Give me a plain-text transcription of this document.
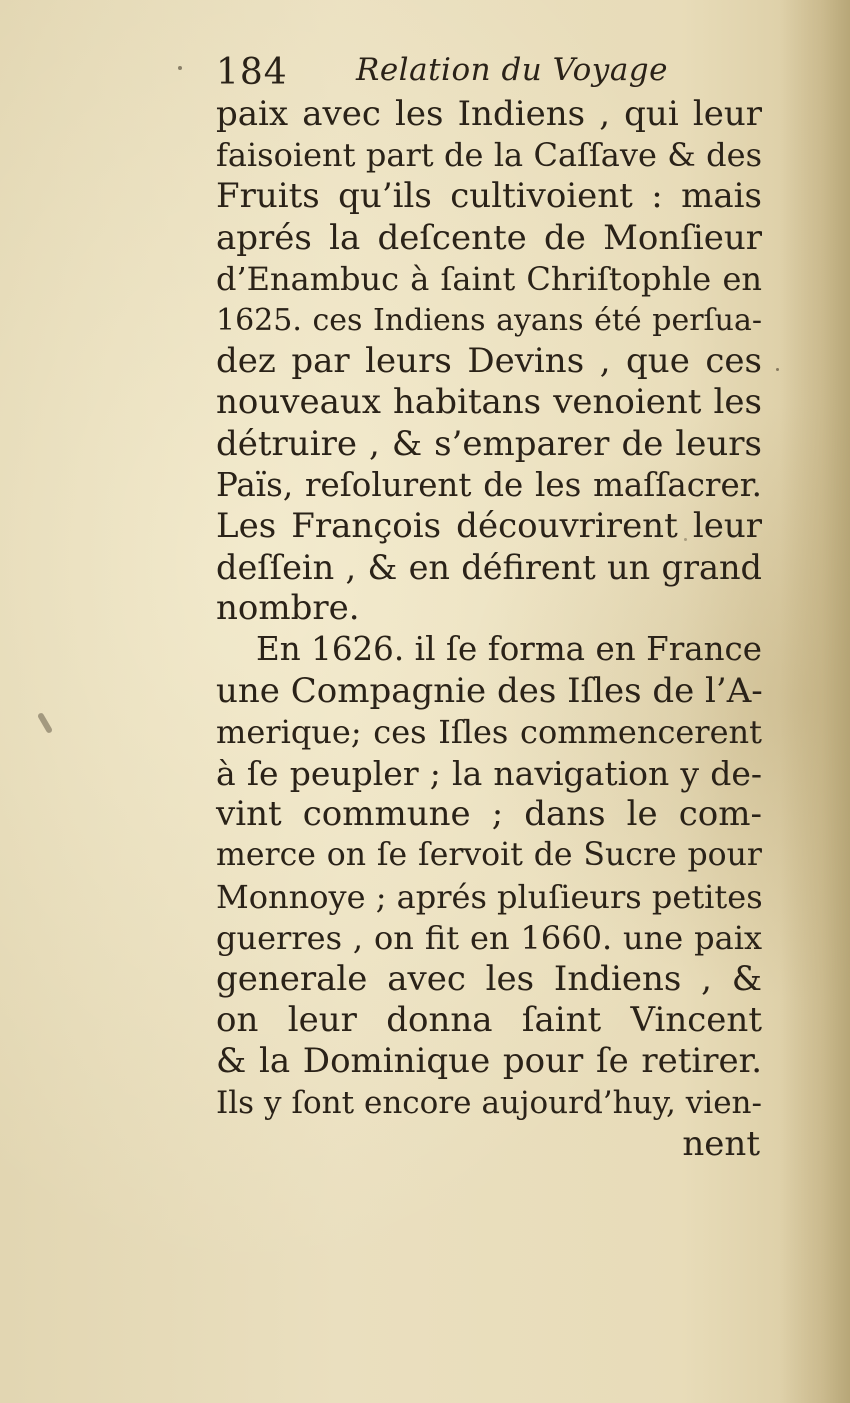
184 Relation du Voyage
paix avec les Indiens , qui leur
faisoient part de la Caſſave & des
Fruits qu’ils cultivoient : mais
aprés la deſcente de Monſieur
d’Enambuc à ſaint Chriſtophle en
1625. ces Indiens ayans été perſua-
dez par leurs Devins , que ces
nouveaux habitans venoient les
détruire , & s’emparer de leurs
Païs, reſolurent de les maſſacrer.
Les François découvrirent leur
deſſein , & en défirent un grand
nombre.
En 1626. il ſe forma en France
une Compagnie des Iſles de l’A-
merique; ces Iſles commencerent
à ſe peupler ; la navigation y de-
vint commune ; dans le com-
merce on ſe ſervoit de Sucre pour
Monnoye ; aprés pluſieurs petites
guerres , on fit en 1660. une paix
generale avec les Indiens , &
on leur donna ſaint Vincent
& la Dominique pour ſe retirer.
Ils y ſont encore aujourd’huy, vien-
nent
